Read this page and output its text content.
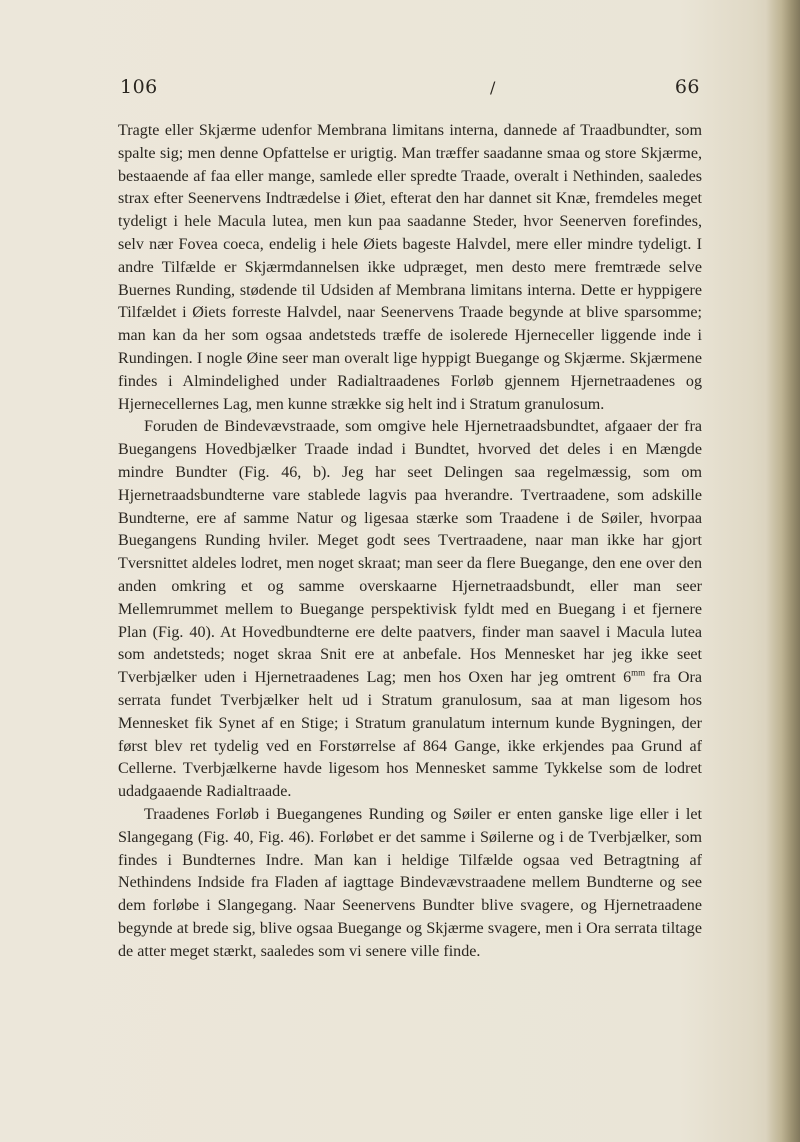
106	/	66

Tragte eller Skjærme udenfor Membrana limitans interna, dannede af Traadbundter, som spalte sig; men denne Opfattelse er urigtig. Man træffer saadanne smaa og store Skjærme, bestaaende af faa eller mange, samlede eller spredte Traade, overalt i Nethinden, saaledes strax efter Seenervens Indtrædelse i Øiet, efterat den har dannet sit Knæ, fremdeles meget tydeligt i hele Macula lutea, men kun paa saadanne Steder, hvor Seenerven forefindes, selv nær Fovea coeca, endelig i hele Øiets bageste Halvdel, mere eller mindre tydeligt. I andre Tilfælde er Skjærmdannelsen ikke udpræget, men desto mere fremtræde selve Buernes Runding, stødende til Udsiden af Membrana limitans interna. Dette er hyppigere Tilfældet i Øiets forreste Halvdel, naar Seenervens Traade begynde at blive sparsomme; man kan da her som ogsaa andetsteds træffe de isolerede Hjerneceller liggende inde i Rundingen. I nogle Øine seer man overalt lige hyppigt Buegange og Skjærme. Skjærmene findes i Almindelighed under Radialtraadenes Forløb gjennem Hjernetraadenes og Hjernecellernes Lag, men kunne strække sig helt ind i Stratum granulosum.

Foruden de Bindevævstraade, som omgive hele Hjernetraadsbundtet, afgaaer der fra Buegangens Hovedbjælker Traade indad i Bundtet, hvorved det deles i en Mængde mindre Bundter (Fig. 46, b). Jeg har seet Delingen saa regelmæssig, som om Hjernetraadsbundterne vare stablede lagvis paa hverandre. Tvertraadene, som adskille Bundterne, ere af samme Natur og ligesaa stærke som Traadene i de Søiler, hvorpaa Buegangens Runding hviler. Meget godt sees Tvertraadene, naar man ikke har gjort Tversnittet aldeles lodret, men noget skraat; man seer da flere Buegange, den ene over den anden omkring et og samme overskaarne Hjernetraadsbundt, eller man seer Mellemrummet mellem to Buegange perspektivisk fyldt med en Buegang i et fjernere Plan (Fig. 40). At Hovedbundterne ere delte paatvers, finder man saavel i Macula lutea som andetsteds; noget skraa Snit ere at anbefale. Hos Mennesket har jeg ikke seet Tverbjælker uden i Hjernetraadenes Lag; men hos Oxen har jeg omtrent $6^{mm}$ fra Ora serrata fundet Tverbjælker helt ud i Stratum granulosum, saa at man ligesom hos Mennesket fik Synet af en Stige; i Stratum granulatum internum kunde Bygningen, der først blev ret tydelig ved en Forstørrelse af 864 Gange, ikke erkjendes paa Grund af Cellerne. Tverbjælkerne havde ligesom hos Mennesket samme Tykkelse som de lodret udadgaaende Radialtraade.

Traadenes Forløb i Buegangenes Runding og Søiler er enten ganske lige eller i let Slangegang (Fig. 40, Fig. 46). Forløbet er det samme i Søilerne og i de Tverbjælker, som findes i Bundternes Indre. Man kan i heldige Tilfælde ogsaa ved Betragtning af Nethindens Indside fra Fladen af iagttage Bindevævstraadene mellem Bundterne og see dem forløbe i Slangegang. Naar Seenervens Bundter blive svagere, og Hjernetraadene begynde at brede sig, blive ogsaa Buegange og Skjærme svagere, men i Ora serrata tiltage de atter meget stærkt, saaledes som vi senere ville finde.
